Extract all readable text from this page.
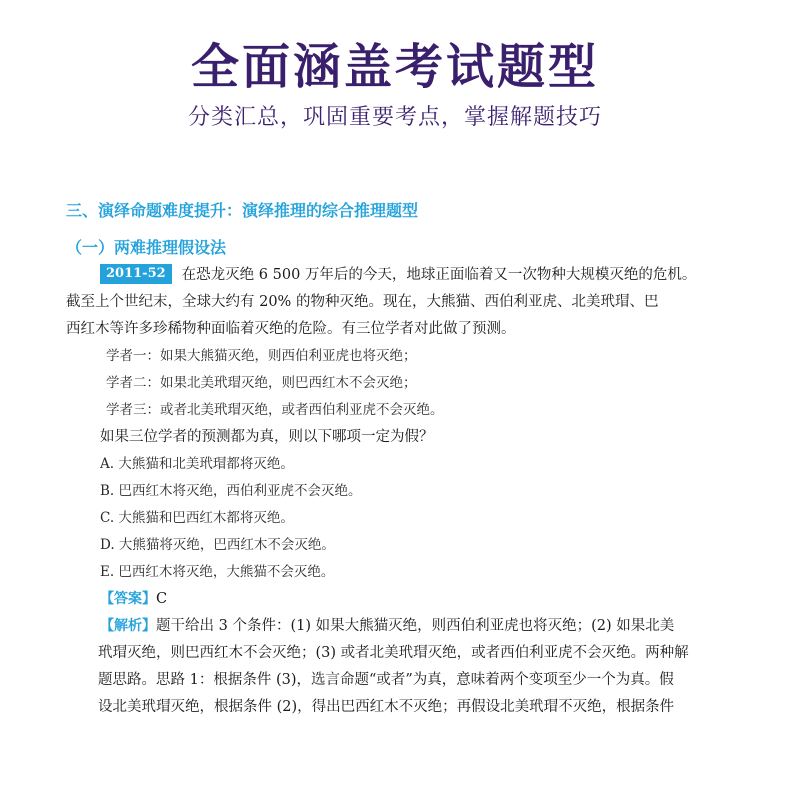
全面涵盖考试题型
分类汇总，巩固重要考点，掌握解题技巧
三、演绎命题难度提升：演绎推理的综合推理题型
（一）两难推理假设法
2011-52 在恐龙灭绝 6 500 万年后的今天，地球正面临着又一次物种大规模灭绝的危机。
截至上个世纪末，全球大约有 20% 的物种灭绝。现在，大熊猫、西伯利亚虎、北美玳瑁、巴
西红木等许多珍稀物种面临着灭绝的危险。有三位学者对此做了预测。
学者一：如果大熊猫灭绝，则西伯利亚虎也将灭绝；
学者二：如果北美玳瑁灭绝，则巴西红木不会灭绝；
学者三：或者北美玳瑁灭绝，或者西伯利亚虎不会灭绝。
如果三位学者的预测都为真，则以下哪项一定为假？
A. 大熊猫和北美玳瑁都将灭绝。
B. 巴西红木将灭绝，西伯利亚虎不会灭绝。
C. 大熊猫和巴西红木都将灭绝。
D. 大熊猫将灭绝，巴西红木不会灭绝。
E. 巴西红木将灭绝，大熊猫不会灭绝。
【答案】C
【解析】题干给出 3 个条件：(1) 如果大熊猫灭绝，则西伯利亚虎也将灭绝；(2) 如果北美
玳瑁灭绝，则巴西红木不会灭绝；(3) 或者北美玳瑁灭绝，或者西伯利亚虎不会灭绝。两种解
题思路。思路 1：根据条件 (3)，选言命题“或者”为真，意味着两个变项至少一个为真。假
设北美玳瑁灭绝，根据条件 (2)，得出巴西红木不灭绝；再假设北美玳瑁不灭绝，根据条件
